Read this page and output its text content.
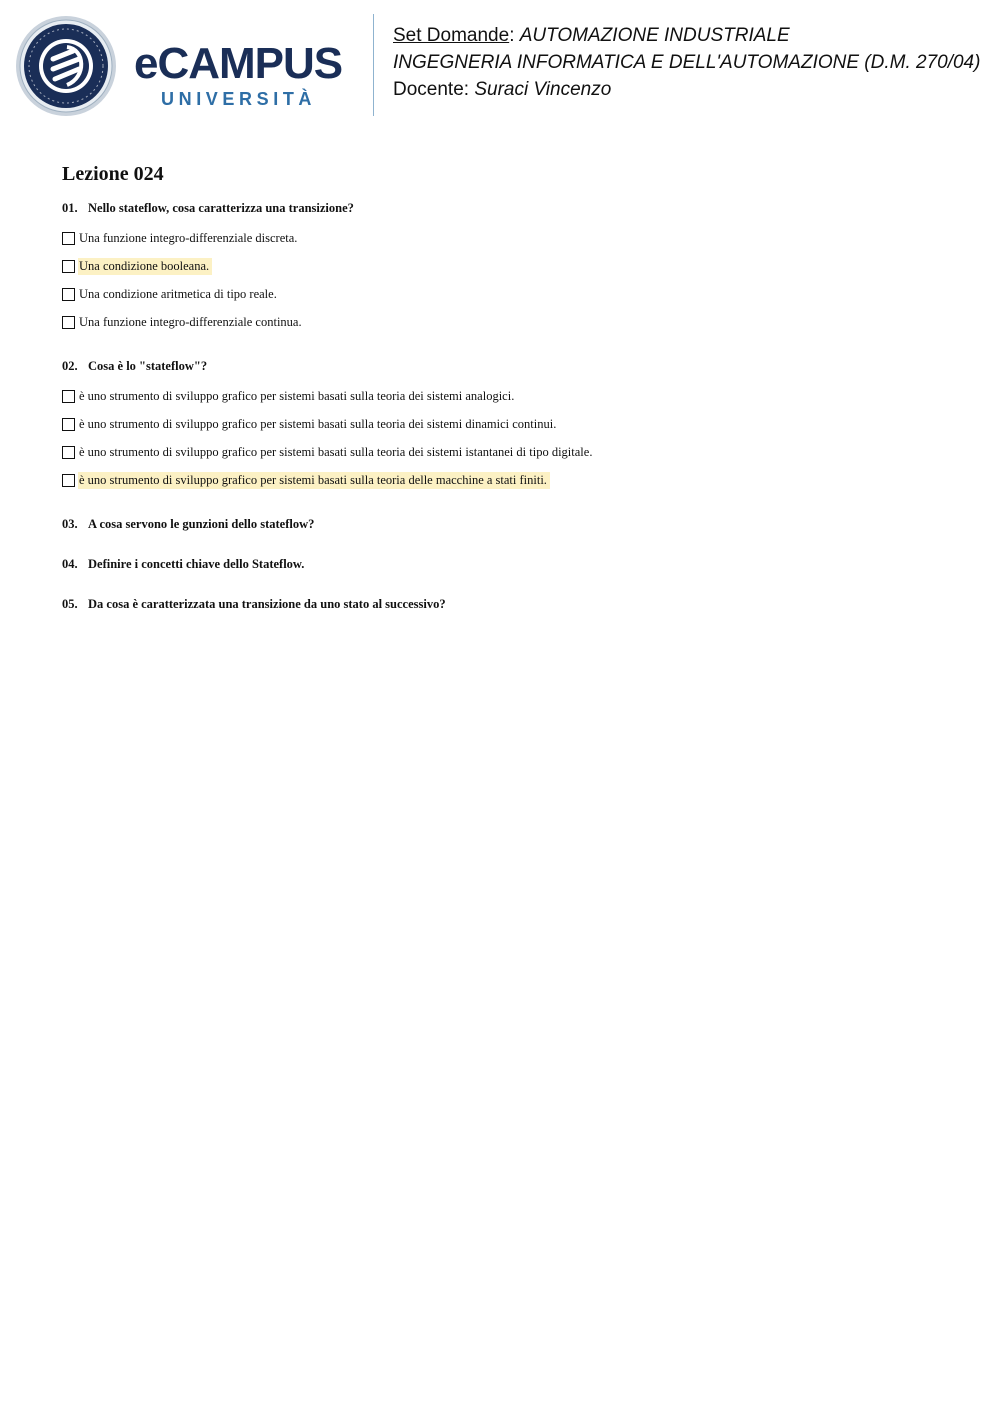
eCAMPUS
UNIVERSITÀ
Set Domande: AUTOMAZIONE INDUSTRIALE
INGEGNERIA INFORMATICA E DELL'AUTOMAZIONE (D.M. 270/04)
Docente: Suraci Vincenzo
Lezione 024
01. Nello stateflow, cosa caratterizza una transizione?
Una funzione integro-differenziale discreta.
Una condizione booleana.
Una condizione aritmetica di tipo reale.
Una funzione integro-differenziale continua.
02. Cosa è lo "stateflow"?
è uno strumento di sviluppo grafico per sistemi basati sulla teoria dei sistemi analogici.
è uno strumento di sviluppo grafico per sistemi basati sulla teoria dei sistemi dinamici continui.
è uno strumento di sviluppo grafico per sistemi basati sulla teoria dei sistemi istantanei di tipo digitale.
è uno strumento di sviluppo grafico per sistemi basati sulla teoria delle macchine a stati finiti.
03. A cosa servono le gunzioni dello stateflow?
04. Definire i concetti chiave dello Stateflow.
05. Da cosa è caratterizzata una transizione da uno stato al successivo?
